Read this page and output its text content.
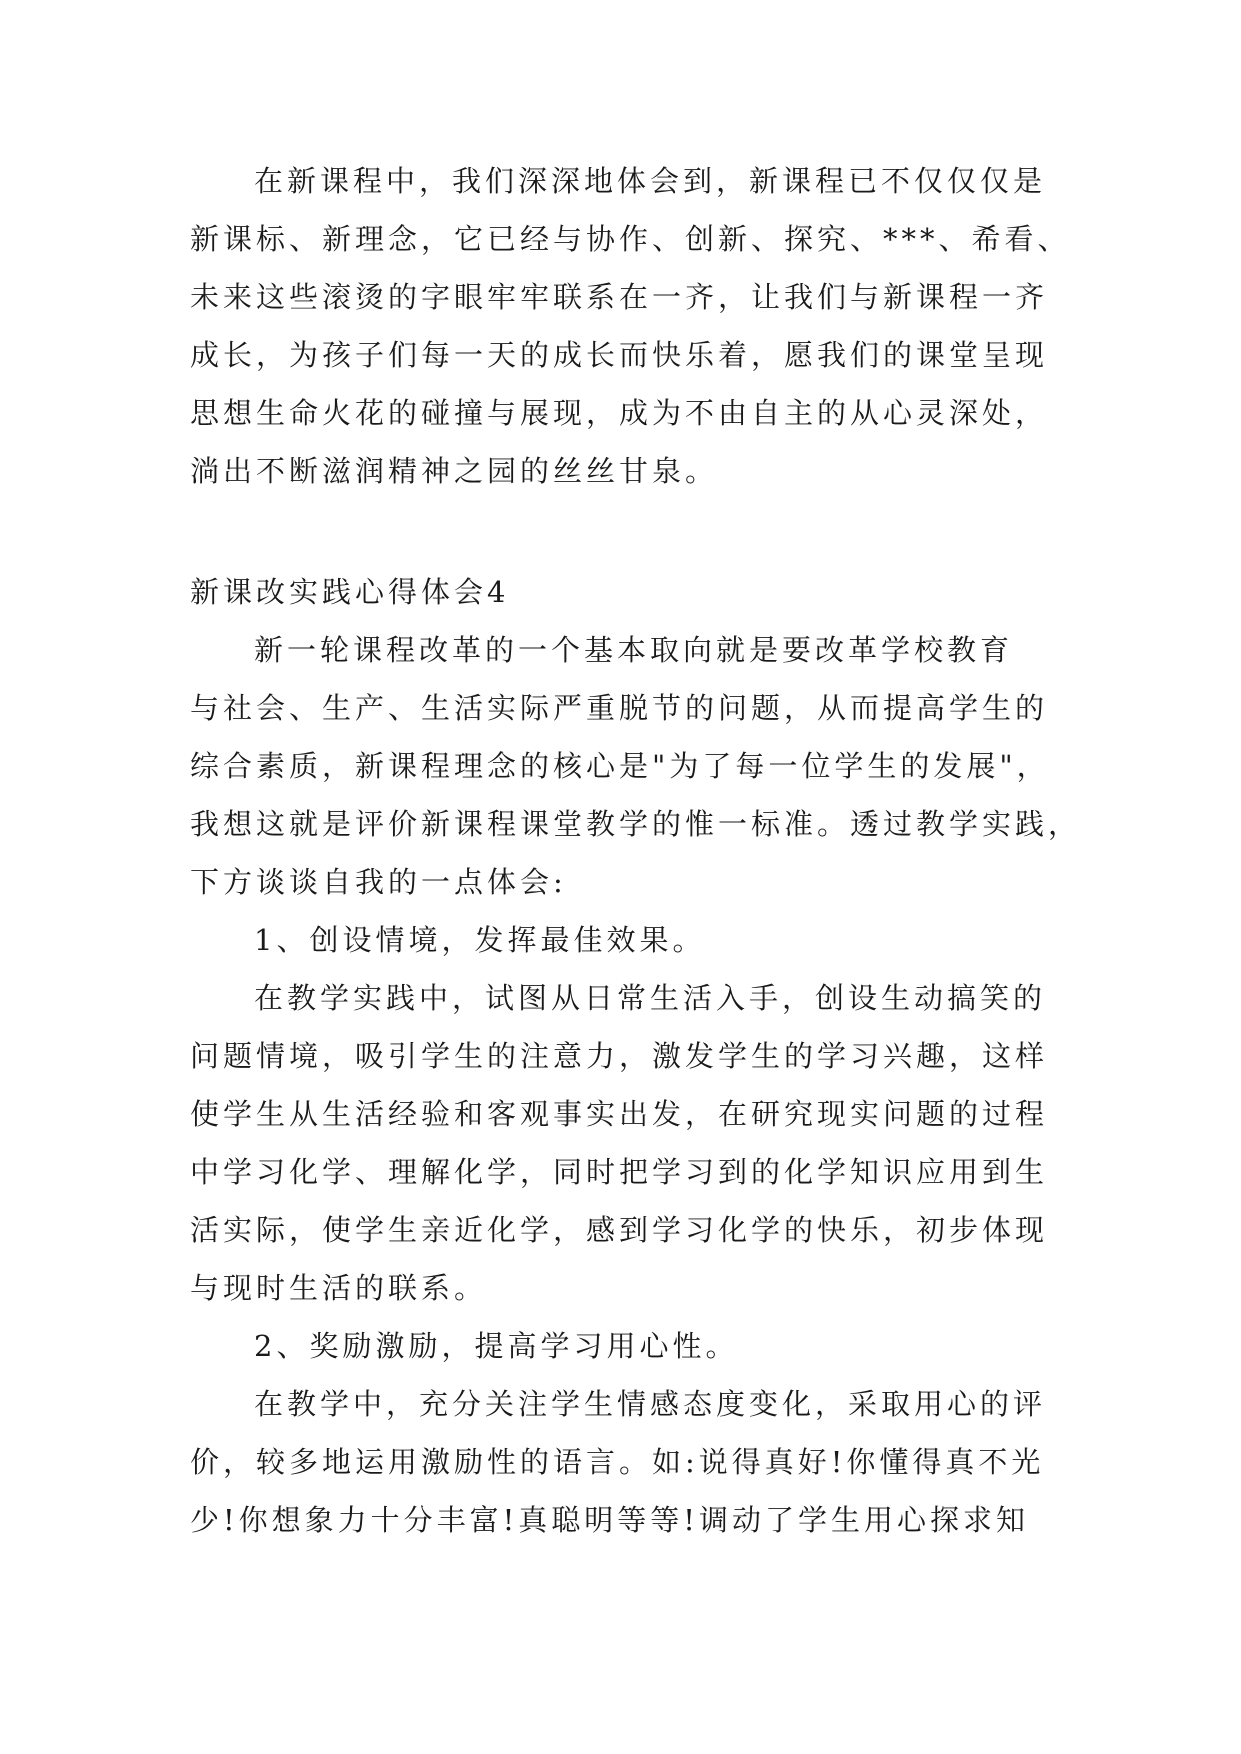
在新课程中，我们深深地体会到，新课程已不仅仅仅是
新课标、新理念，它已经与协作、创新、探究、***、希看、
未来这些滚烫的字眼牢牢联系在一齐，让我们与新课程一齐
成长，为孩子们每一天的成长而快乐着，愿我们的课堂呈现
思想生命火花的碰撞与展现，成为不由自主的从心灵深处，
淌出不断滋润精神之园的丝丝甘泉。
新课改实践心得体会4
新一轮课程改革的一个基本取向就是要改革学校教育
与社会、生产、生活实际严重脱节的问题，从而提高学生的
综合素质，新课程理念的核心是"为了每一位学生的发展"，
我想这就是评价新课程课堂教学的惟一标准。透过教学实践，
下方谈谈自我的一点体会:
1、创设情境，发挥最佳效果。
在教学实践中，试图从日常生活入手，创设生动搞笑的
问题情境，吸引学生的注意力，激发学生的学习兴趣，这样
使学生从生活经验和客观事实出发，在研究现实问题的过程
中学习化学、理解化学，同时把学习到的化学知识应用到生
活实际，使学生亲近化学，感到学习化学的快乐，初步体现
与现时生活的联系。
2、奖励激励，提高学习用心性。
在教学中，充分关注学生情感态度变化，采取用心的评
价，较多地运用激励性的语言。如:说得真好!你懂得真不光
少!你想象力十分丰富!真聪明等等!调动了学生用心探求知
